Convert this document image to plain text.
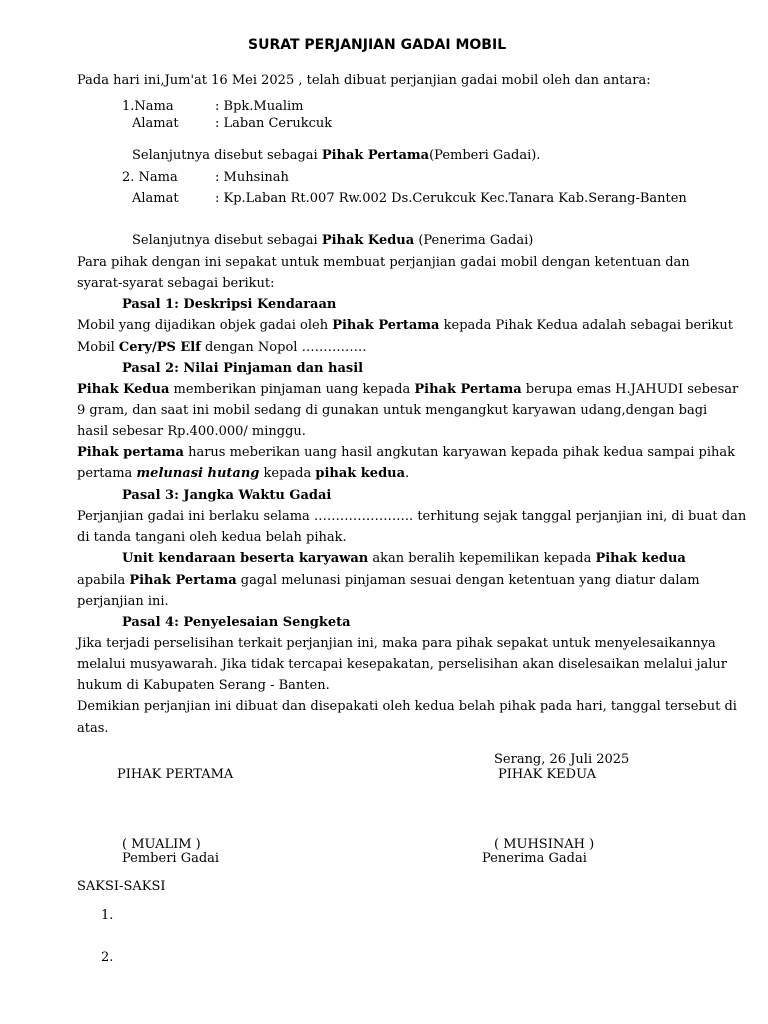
SURAT PERJANJIAN GADAI MOBIL
Pada hari ini,Jum'at 16 Mei 2025 , telah dibuat perjanjian gadai mobil oleh dan antara:
1.Nama	: Bpk.Mualim
Alamat	: Laban Cerukcuk
Selanjutnya disebut sebagai Pihak Pertama(Pemberi Gadai).
2. Nama	: Muhsinah
Alamat	: Kp.Laban Rt.007 Rw.002 Ds.Cerukcuk Kec.Tanara Kab.Serang-Banten
Selanjutnya disebut sebagai Pihak Kedua (Penerima Gadai)
Para pihak dengan ini sepakat untuk membuat perjanjian gadai mobil dengan ketentuan dan
syarat-syarat sebagai berikut:
Pasal 1: Deskripsi Kendaraan
Mobil yang dijadikan objek gadai oleh Pihak Pertama kepada Pihak Kedua adalah sebagai berikut
Mobil Cery/PS Elf dengan Nopol ……………
Pasal 2: Nilai Pinjaman dan hasil
Pihak Kedua memberikan pinjaman uang kepada Pihak Pertama berupa emas H.JAHUDI sebesar
9 gram, dan saat ini mobil sedang di gunakan untuk mengangkut karyawan udang,dengan bagi
hasil sebesar Rp.400.000/ minggu.
Pihak pertama harus meberikan uang hasil angkutan karyawan kepada pihak kedua sampai pihak
pertama melunasi hutang kepada pihak kedua.
Pasal 3: Jangka Waktu Gadai
Perjanjian gadai ini berlaku selama ………………….. terhitung sejak tanggal perjanjian ini, di buat dan
di tanda tangani oleh kedua belah pihak.
Unit kendaraan beserta karyawan akan beralih kepemilikan kepada Pihak kedua
apabila Pihak Pertama gagal melunasi pinjaman sesuai dengan ketentuan yang diatur dalam
perjanjian ini.
Pasal 4: Penyelesaian Sengketa
Jika terjadi perselisihan terkait perjanjian ini, maka para pihak sepakat untuk menyelesaikannya
melalui musyawarah. Jika tidak tercapai kesepakatan, perselisihan akan diselesaikan melalui jalur
hukum di Kabupaten Serang - Banten.
Demikian perjanjian ini dibuat dan disepakati oleh kedua belah pihak pada hari, tanggal tersebut di
atas.
Serang, 26 Juli 2025
PIHAK PERTAMA	PIHAK KEDUA
( MUALIM )	( MUHSINAH )
Pemberi Gadai	Penerima Gadai
SAKSI-SAKSI
1.
2.
